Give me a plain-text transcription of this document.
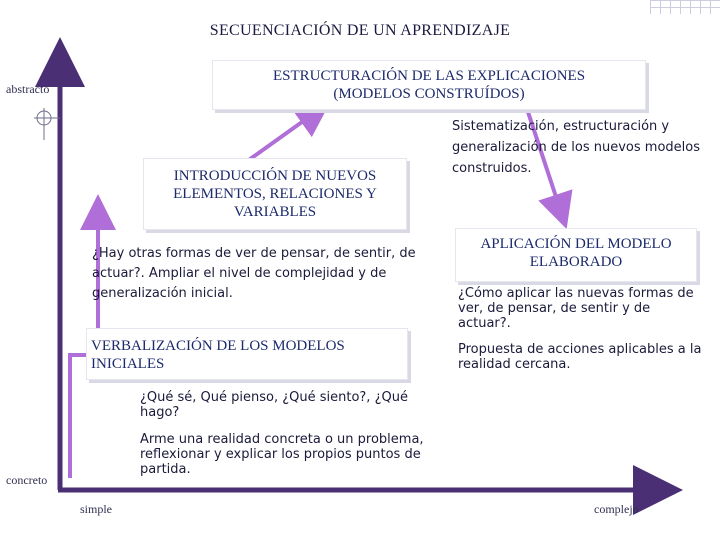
SECUENCIACIÓN DE UN APRENDIZAJE
abstracto
concreto
simple	complejo
ESTRUCTURACIÓN DE LAS EXPLICACIONES (MODELOS CONSTRUÍDOS)
INTRODUCCIÓN DE NUEVOS ELEMENTOS, RELACIONES Y VARIABLES
VERBALIZACIÓN DE LOS MODELOS INICIALES
APLICACIÓN DEL MODELO ELABORADO
Sistematización, estructuración y generalización de los nuevos modelos construidos.
¿Hay otras formas de ver de pensar, de sentir, de actuar?. Ampliar el nivel de complejidad y de generalización inicial.	¿Cómo aplicar las nuevas formas de ver, de pensar, de sentir y de actuar?.
Propuesta de acciones aplicables a la realidad cercana.
¿Qué sé, Qué pienso, ¿Qué siento?, ¿Qué hago?
Arme una realidad concreta o un problema, reflexionar y explicar los propios puntos de partida.
